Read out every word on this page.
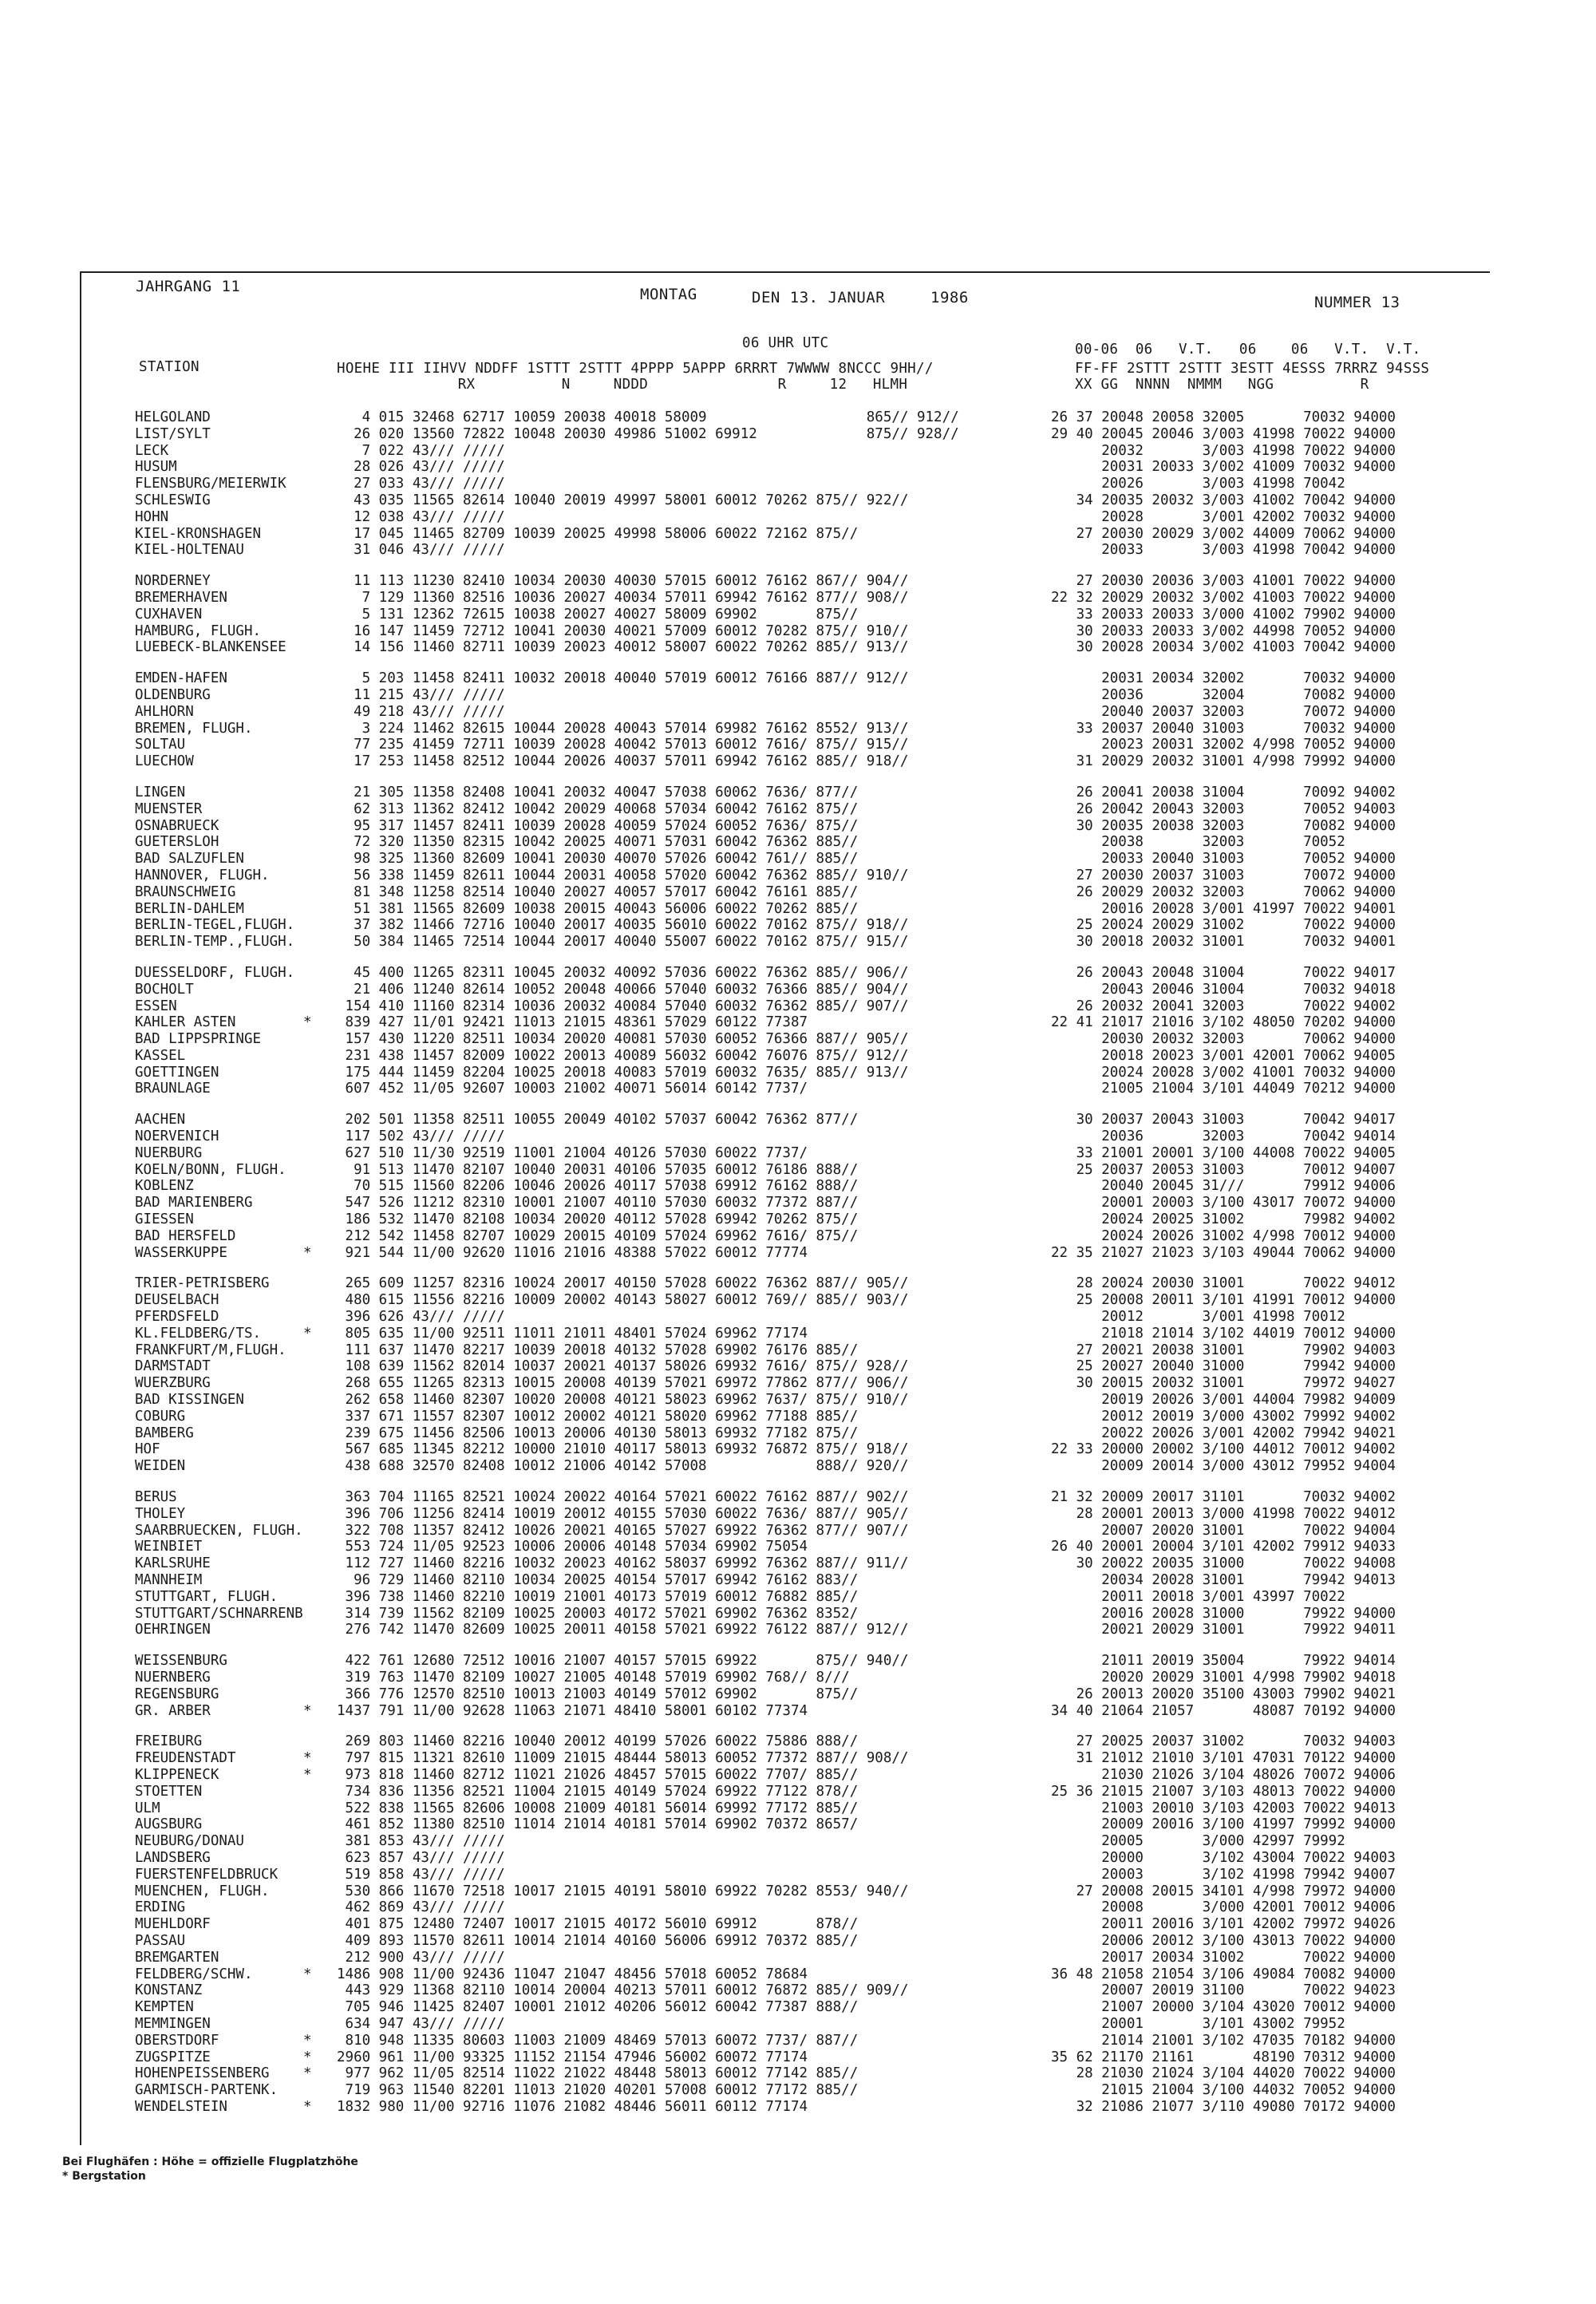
JAHRGANG 11	MONTAG	DEN 13. JANUAR	1986	NUMMER 13
06 UHR UTC
STATION	HOEHE III IIHVV NDDFF 1STTT 2STTT 4PPPP 5APPP 6RRRT 7WWWW 8NCCC 9HH//
RX          N     NDDD               R     12   HLMH
00-06  06   V.T.   06    06   V.T.  V.T.
FF-FF 2STTT 2STTT 3ESTT 4ESSS 7RRRZ 94SSS
XX GG  NNNN  NMMM   NGG          R
HELGOLAND	4 015 32468 62717 10059 20038 40018 58009                   865// 912//	26 37 20048 20058 32005       70032 94000
LIST/SYLT	26 020 13560 72822 10048 20030 49986 51002 69912             875// 928//	29 40 20045 20046 3/003 41998 70022 94000
LECK	7 022 43/// /////	20032       3/003 41998 70022 94000
HUSUM	28 026 43/// /////	20031 20033 3/002 41009 70032 94000
FLENSBURG/MEIERWIK	27 033 43/// /////	20026       3/003 41998 70042
SCHLESWIG	43 035 11565 82614 10040 20019 49997 58001 60012 70262 875// 922//	34 20035 20032 3/003 41002 70042 94000
HOHN	12 038 43/// /////	20028       3/001 42002 70032 94000
KIEL-KRONSHAGEN	17 045 11465 82709 10039 20025 49998 58006 60022 72162 875//	27 20030 20029 3/002 44009 70062 94000
KIEL-HOLTENAU	31 046 43/// /////	20033       3/003 41998 70042 94000
NORDERNEY	11 113 11230 82410 10034 20030 40030 57015 60012 76162 867// 904//	27 20030 20036 3/003 41001 70022 94000
BREMERHAVEN	7 129 11360 82516 10036 20027 40034 57011 69942 76162 877// 908//	22 32 20029 20032 3/002 41003 70022 94000
CUXHAVEN	5 131 12362 72615 10038 20027 40027 58009 69902       875//	33 20033 20033 3/000 41002 79902 94000
HAMBURG, FLUGH.	16 147 11459 72712 10041 20030 40021 57009 60012 70282 875// 910//	30 20033 20033 3/002 44998 70052 94000
LUEBECK-BLANKENSEE	14 156 11460 82711 10039 20023 40012 58007 60022 70262 885// 913//	30 20028 20034 3/002 41003 70042 94000
EMDEN-HAFEN	5 203 11458 82411 10032 20018 40040 57019 60012 76166 887// 912//	20031 20034 32002       70032 94000
OLDENBURG	11 215 43/// /////	20036       32004       70082 94000
AHLHORN	49 218 43/// /////	20040 20037 32003       70072 94000
BREMEN, FLUGH.	3 224 11462 82615 10044 20028 40043 57014 69982 76162 8552/ 913//	33 20037 20040 31003       70032 94000
SOLTAU	77 235 41459 72711 10039 20028 40042 57013 60012 7616/ 875// 915//	20023 20031 32002 4/998 70052 94000
LUECHOW	17 253 11458 82512 10044 20026 40037 57011 69942 76162 885// 918//	31 20029 20032 31001 4/998 79992 94000
LINGEN	21 305 11358 82408 10041 20032 40047 57038 60062 7636/ 877//	26 20041 20038 31004       70092 94002
MUENSTER	62 313 11362 82412 10042 20029 40068 57034 60042 76162 875//	26 20042 20043 32003       70052 94003
OSNABRUECK	95 317 11457 82411 10039 20028 40059 57024 60052 7636/ 875//	30 20035 20038 32003       70082 94000
GUETERSLOH	72 320 11350 82315 10042 20025 40071 57031 60042 76362 885//	20038       32003       70052
BAD SALZUFLEN	98 325 11360 82609 10041 20030 40070 57026 60042 761// 885//	20033 20040 31003       70052 94000
HANNOVER, FLUGH.	56 338 11459 82611 10044 20031 40058 57020 60042 76362 885// 910//	27 20030 20037 31003       70072 94000
BRAUNSCHWEIG	81 348 11258 82514 10040 20027 40057 57017 60042 76161 885//	26 20029 20032 32003       70062 94000
BERLIN-DAHLEM	51 381 11565 82609 10038 20015 40043 56006 60022 70262 885//	20016 20028 3/001 41997 70022 94001
BERLIN-TEGEL,FLUGH.	37 382 11466 72716 10040 20017 40035 56010 60022 70162 875// 918//	25 20024 20029 31002       70022 94000
BERLIN-TEMP.,FLUGH.	50 384 11465 72514 10044 20017 40040 55007 60022 70162 875// 915//	30 20018 20032 31001       70032 94001
DUESSELDORF, FLUGH.	45 400 11265 82311 10045 20032 40092 57036 60022 76362 885// 906//	26 20043 20048 31004       70022 94017
BOCHOLT	21 406 11240 82614 10052 20048 40066 57040 60032 76366 885// 904//	20043 20046 31004       70032 94018
ESSEN	154 410 11160 82314 10036 20032 40084 57040 60032 76362 885// 907//	26 20032 20041 32003       70022 94002
KAHLER ASTEN	* 839 427 11/01 92421 11013 21015 48361 57029 60122 77387	22 41 21017 21016 3/102 48050 70202 94000
BAD LIPPSPRINGE	157 430 11220 82511 10034 20020 40081 57030 60052 76366 887// 905//	20030 20032 32003       70062 94000
KASSEL	231 438 11457 82009 10022 20013 40089 56032 60042 76076 875// 912//	20018 20023 3/001 42001 70062 94005
GOETTINGEN	175 444 11459 82204 10025 20018 40083 57019 60032 7635/ 885// 913//	20024 20028 3/002 41001 70032 94000
BRAUNLAGE	607 452 11/05 92607 10003 21002 40071 56014 60142 7737/	21005 21004 3/101 44049 70212 94000
AACHEN	202 501 11358 82511 10055 20049 40102 57037 60042 76362 877//	30 20037 20043 31003       70042 94017
NOERVENICH	117 502 43/// /////	20036       32003       70042 94014
NUERBURG	627 510 11/30 92519 11001 21004 40126 57030 60022 7737/	33 21001 20001 3/100 44008 70022 94005
KOELN/BONN, FLUGH.	91 513 11470 82107 10040 20031 40106 57035 60012 76186 888//	25 20037 20053 31003       70012 94007
KOBLENZ	70 515 11560 82206 10046 20026 40117 57038 69912 76162 888//	20040 20045 31///       79912 94006
BAD MARIENBERG	547 526 11212 82310 10001 21007 40110 57030 60032 77372 887//	20001 20003 3/100 43017 70072 94000
GIESSEN	186 532 11470 82108 10034 20020 40112 57028 69942 70262 875//	20024 20025 31002       79982 94002
BAD HERSFELD	212 542 11458 82707 10029 20015 40109 57024 69962 7616/ 875//	20024 20026 31002 4/998 70012 94000
WASSERKUPPE	* 921 544 11/00 92620 11016 21016 48388 57022 60012 77774	22 35 21027 21023 3/103 49044 70062 94000
TRIER-PETRISBERG	265 609 11257 82316 10024 20017 40150 57028 60022 76362 887// 905//	28 20024 20030 31001       70022 94012
DEUSELBACH	480 615 11556 82216 10009 20002 40143 58027 60012 769// 885// 903//	25 20008 20011 3/101 41991 70012 94000
PFERDSFELD	396 626 43/// /////	20012       3/001 41998 70012
KL.FELDBERG/TS.	* 805 635 11/00 92511 11011 21011 48401 57024 69962 77174	21018 21014 3/102 44019 70012 94000
FRANKFURT/M,FLUGH.	111 637 11470 82217 10039 20018 40132 57028 69902 76176 885//	27 20021 20038 31001       79902 94003
DARMSTADT	108 639 11562 82014 10037 20021 40137 58026 69932 7616/ 875// 928//	25 20027 20040 31000       79942 94000
WUERZBURG	268 655 11265 82313 10015 20008 40139 57021 69972 77862 877// 906//	30 20015 20032 31001       79972 94027
BAD KISSINGEN	262 658 11460 82307 10020 20008 40121 58023 69962 7637/ 875// 910//	20019 20026 3/001 44004 79982 94009
COBURG	337 671 11557 82307 10012 20002 40121 58020 69962 77188 885//	20012 20019 3/000 43002 79992 94002
BAMBERG	239 675 11456 82506 10013 20006 40130 58013 69932 77182 875//	20022 20026 3/001 42002 79942 94021
HOF	567 685 11345 82212 10000 21010 40117 58013 69932 76872 875// 918//	22 33 20000 20002 3/100 44012 70012 94002
WEIDEN	438 688 32570 82408 10012 21006 40142 57008             888// 920//	20009 20014 3/000 43012 79952 94004
BERUS	363 704 11165 82521 10024 20022 40164 57021 60022 76162 887// 902//	21 32 20009 20017 31101       70032 94002
THOLEY	396 706 11256 82414 10019 20012 40155 57030 60022 7636/ 887// 905//	28 20001 20013 3/000 41998 70022 94012
SAARBRUECKEN, FLUGH. 322 708 11357 82412 10026 20021 40165 57027 69922 76362 877// 907//	20007 20020 31001       70022 94004
WEINBIET	553 724 11/05 92523 10006 20006 40148 57034 69902 75054	26 40 20001 20004 3/101 42002 79912 94033
KARLSRUHE	112 727 11460 82216 10032 20023 40162 58037 69992 76362 887// 911//	30 20022 20035 31000       70022 94008
MANNHEIM	96 729 11460 82110 10034 20025 40154 57017 69942 76162 883//	20034 20028 31001       79942 94013
STUTTGART, FLUGH.	396 738 11460 82210 10019 21001 40173 57019 60012 76882 885//	20011 20018 3/001 43997 70022
STUTTGART/SCHNARRENB 314 739 11562 82109 10025 20003 40172 57021 69902 76362 8352/	20016 20028 31000       79922 94000
OEHRINGEN	276 742 11470 82609 10025 20011 40158 57021 69922 76122 887// 912//	20021 20029 31001       79922 94011
WEISSENBURG	422 761 12680 72512 10016 21007 40157 57015 69922       875// 940//	21011 20019 35004       79922 94014
NUERNBERG	319 763 11470 82109 10027 21005 40148 57019 69902 768// 8///	20020 20029 31001 4/998 79902 94018
REGENSBURG	366 776 12570 82510 10013 21003 40149 57012 69902       875//	26 20013 20020 35100 43003 79902 94021
GR. ARBER	* 1437 791 11/00 92628 11063 21071 48410 58001 60102 77374	34 40 21064 21057       48087 70192 94000
FREIBURG	269 803 11460 82216 10040 20012 40199 57026 60022 75886 888//	27 20025 20037 31002       70032 94003
FREUDENSTADT	* 797 815 11321 82610 11009 21015 48444 58013 60052 77372 887// 908//	31 21012 21010 3/101 47031 70122 94000
KLIPPENECK	* 973 818 11460 82712 11021 21026 48457 57015 60022 7707/ 885//	21030 21026 3/104 48026 70072 94006
STOETTEN	734 836 11356 82521 11004 21015 40149 57024 69922 77122 878//	25 36 21015 21007 3/103 48013 70022 94000
ULM	522 838 11565 82606 10008 21009 40181 56014 69992 77172 885//	21003 20010 3/103 42003 70022 94013
AUGSBURG	461 852 11380 82510 11014 21014 40181 57014 69902 70372 8657/	20009 20016 3/100 41997 79992 94000
NEUBURG/DONAU	381 853 43/// /////	20005       3/000 42997 79992
LANDSBERG	623 857 43/// /////	20000       3/102 43004 70022 94003
FUERSTENFELDBRUCK	519 858 43/// /////	20003       3/102 41998 79942 94007
MUENCHEN, FLUGH.	530 866 11670 72518 10017 21015 40191 58010 69922 70282 8553/ 940//	27 20008 20015 34101 4/998 79972 94000
ERDING	462 869 43/// /////	20008       3/000 42001 70012 94006
MUEHLDORF	401 875 12480 72407 10017 21015 40172 56010 69912       878//	20011 20016 3/101 42002 79972 94026
PASSAU	409 893 11570 82611 10014 21014 40160 56006 69912 70372 885//	20006 20012 3/100 43013 70022 94000
BREMGARTEN	212 900 43/// /////	20017 20034 31002       70022 94000
FELDBERG/SCHW.	* 1486 908 11/00 92436 11047 21047 48456 57018 60052 78684	36 48 21058 21054 3/106 49084 70082 94000
KONSTANZ	443 929 11368 82110 10014 20004 40213 57011 60012 76872 885// 909//	20007 20019 31100       70022 94023
KEMPTEN	705 946 11425 82407 10001 21012 40206 56012 60042 77387 888//	21007 20000 3/104 43020 70012 94000
MEMMINGEN	634 947 43/// /////	20001       3/101 43002 79952
OBERSTDORF	* 810 948 11335 80603 11003 21009 48469 57013 60072 7737/ 887//	21014 21001 3/102 47035 70182 94000
ZUGSPITZE	* 2960 961 11/00 93325 11152 21154 47946 56002 60072 77174	35 62 21170 21161       48190 70312 94000
HOHENPEISSENBERG * 977 962 11/05 82514 11022 21022 48448 58013 60012 77142 885//	28 21030 21024 3/104 44020 70022 94000
GARMISCH-PARTENK.	719 963 11540 82201 11013 21020 40201 57008 60012 77172 885//	21015 21004 3/100 44032 70052 94000
WENDELSTEIN	* 1832 980 11/00 92716 11076 21082 48446 56011 60112 77174	32 21086 21077 3/110 49080 70172 94000
Bei Flughäfen : Höhe = offizielle Flugplatzhöhe
* Bergstation
